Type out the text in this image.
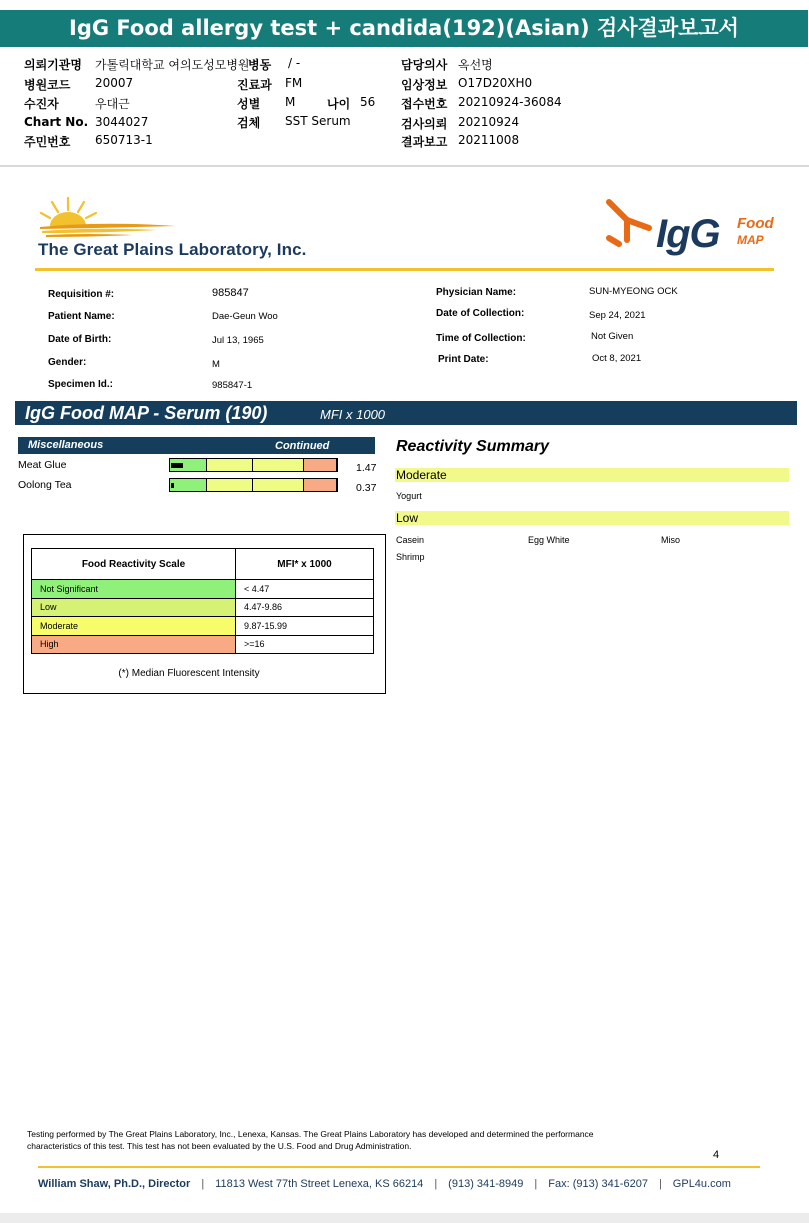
IgG Food allergy test + candida(192)(Asian) 검사결과보고서
의뢰기관명 가톨릭대학교 여의도성모병원
병원코드 20007
수진자	우대근
Chart No. 3044027
주민번호 650713-1
병동 / -
진료과 FM
성별 M	나이 56
검체 SST Serum
담당의사 옥선명
임상정보 O17D20XH0
접수번호 20210924-36084
검사의뢰 20210924
결과보고 20211008
The Great Plains Laboratory, Inc.	IgG Food
MAP
Requisition #:	985847
Patient Name:	Dae-Geun Woo
Date of Birth:	Jul 13, 1965
Gender:	M
Specimen Id.:	985847-1
Physician Name:	SUN-MYEONG OCK
Date of Collection:	Sep 24, 2021
Time of Collection:	Not Given
Print Date:	Oct 8, 2021
IgG Food MAP - Serum (190)	MFI x 1000
Miscellaneous	Continued
Meat Glue	1.47
Oolong Tea	0.37
Reactivity Summary
Moderate
Yogurt
Low
Casein	Egg White	Miso
Shrimp
Food Reactivity Scale	MFI* x 1000
Not Significant	< 4.47
Low	4.47-9.86
Moderate	9.87-15.99
High	>=16
(*) Median Fluorescent Intensity
Testing performed by The Great Plains Laboratory, Inc., Lenexa, Kansas. The Great Plains Laboratory has developed and determined the performance
characteristics of this test. This test has not been evaluated by the U.S. Food and Drug Administration.
4
William Shaw, Ph.D., Director | 11813 West 77th Street Lenexa, KS 66214 | (913) 341-8949 | Fax: (913) 341-6207 | GPL4u.com
